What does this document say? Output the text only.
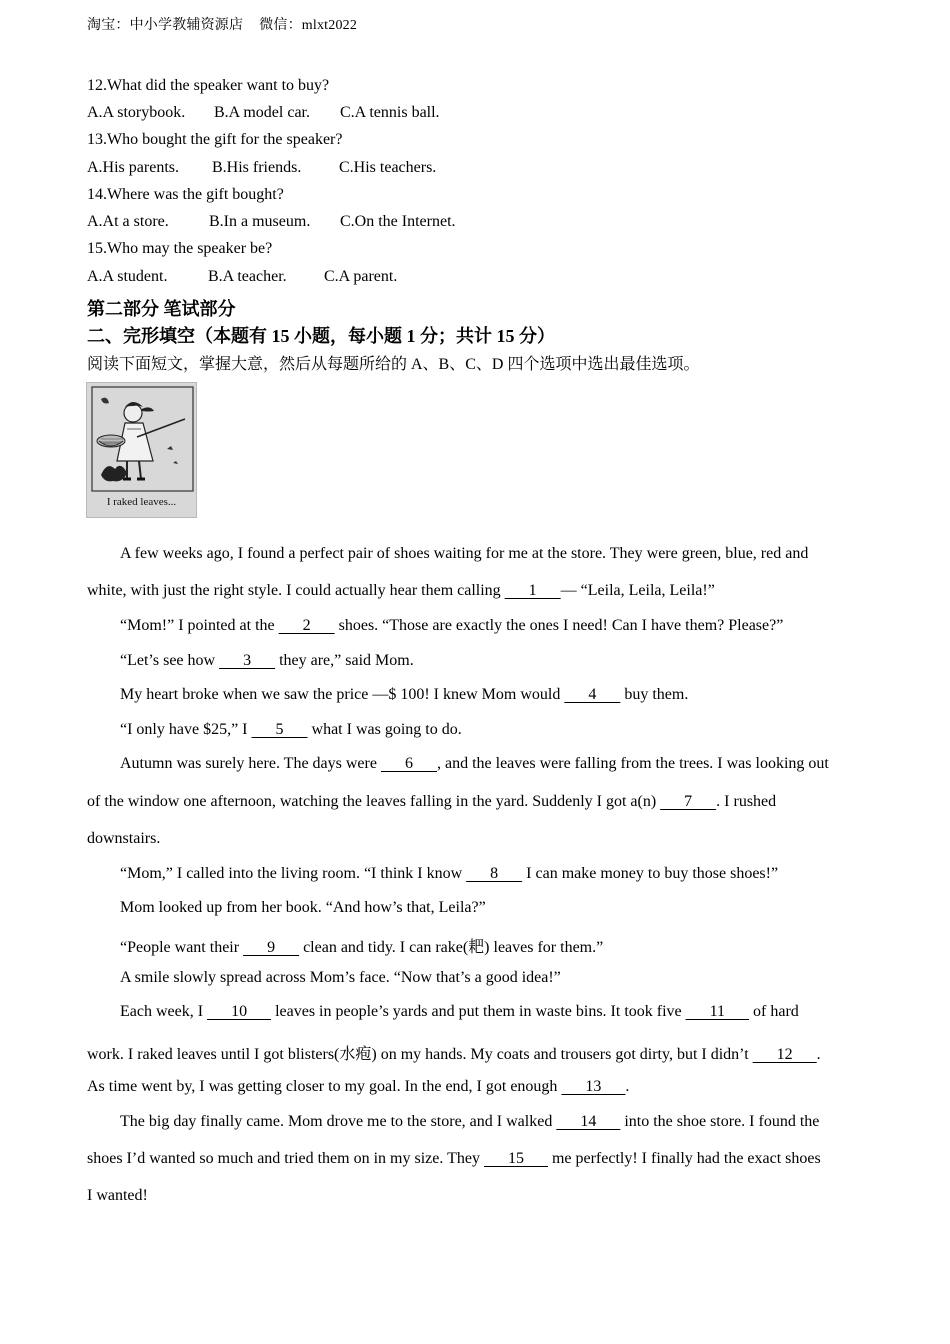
淘宝：中小学教辅资源店 微信：mlxt2022
12.What did the speaker want to buy?
A.A storybook. B.A model car. C.A tennis ball.
13.Who bought the gift for the speaker?
A.His parents. B.His friends. C.His teachers.
14.Where was the gift bought?
A.At a store.	B.In a museum. C.On the Internet.
15.Who may the speaker be?
A.A student.	B.A teacher. C.A parent.
第二部分 笔试部分
二、完形填空（本题有 15 小题，每小题 1 分；共计 15 分）
阅读下面短文，掌握大意，然后从每题所给的 A、B、C、D 四个选项中选出最佳选项。
I raked leaves...
A few weeks ago, I found a perfect pair of shoes waiting for me at the store. They were green, blue, red and
white, with just the right style. I could actually hear them calling       1      — “Leila, Leila, Leila!”
“Mom!” I pointed at the       2       shoes. “Those are exactly the ones I need! Can I have them? Please?”
“Let’s see how       3       they are,” said Mom.
My heart broke when we saw the price —$ 100! I knew Mom would       4       buy them.
“I only have $25,” I       5       what I was going to do.
Autumn was surely here. The days were       6      , and the leaves were falling from the trees. I was looking out
of the window one afternoon, watching the leaves falling in the yard. Suddenly I got a(n)       7      . I rushed
downstairs.
“Mom,” I called into the living room. “I think I know       8       I can make money to buy those shoes!”
Mom looked up from her book. “And how’s that, Leila?”
“People want their       9       clean and tidy. I can rake(耙) leaves for them.”
A smile slowly spread across Mom’s face. “Now that’s a good idea!”
Each week, I       10       leaves in people’s yards and put them in waste bins. It took five       11       of hard
work. I raked leaves until I got blisters(水疱) on my hands. My coats and trousers got dirty, but I didn’t       12      .
As time went by, I was getting closer to my goal. In the end, I got enough       13      .
The big day finally came. Mom drove me to the store, and I walked       14       into the shoe store. I found the
shoes I’d wanted so much and tried them on in my size. They       15       me perfectly! I finally had the exact shoes
I wanted!
